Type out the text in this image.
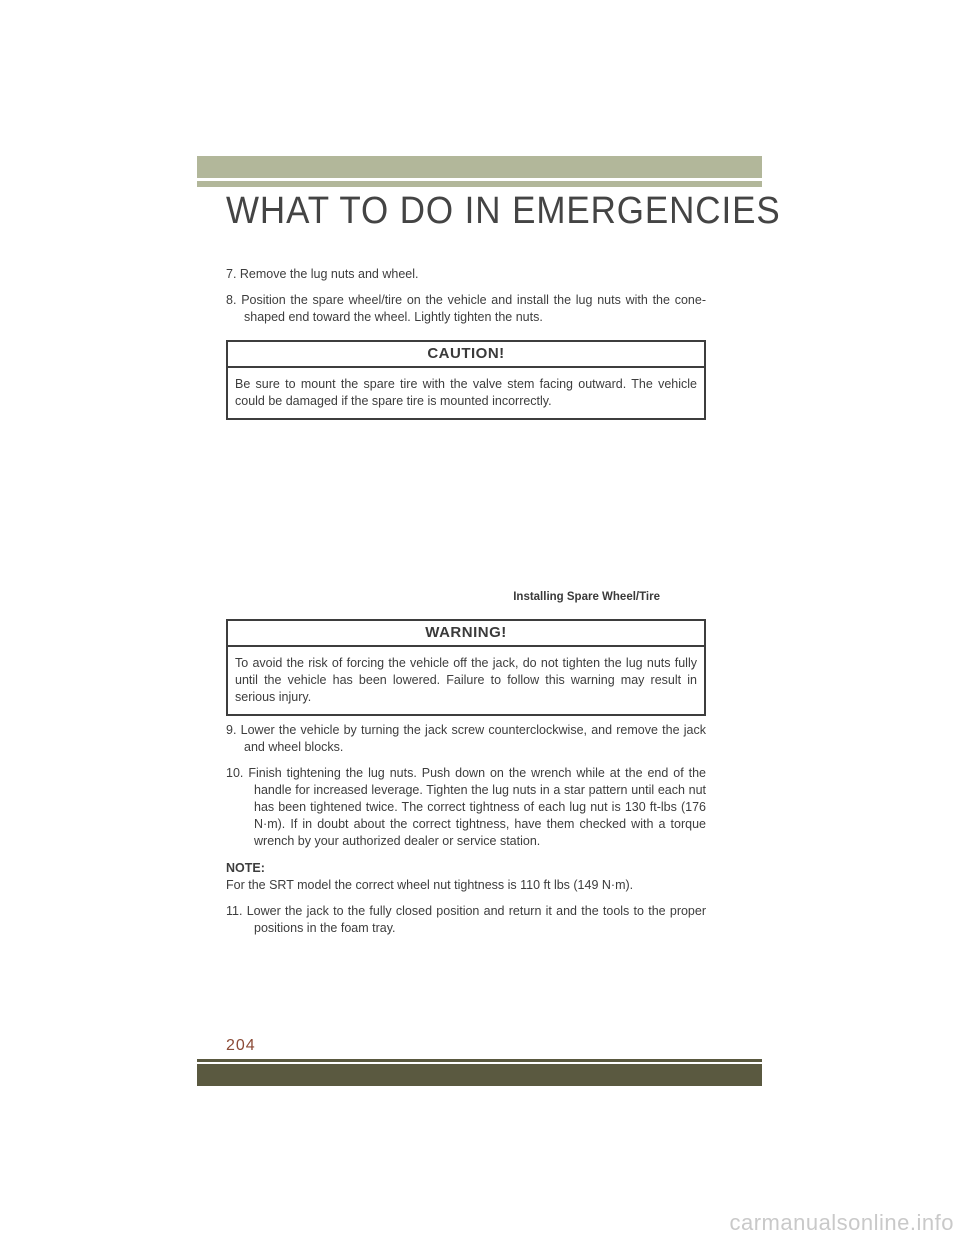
WHAT TO DO IN EMERGENCIES

7. Remove the lug nuts and wheel.

8. Position the spare wheel/tire on the vehicle and install the lug nuts with the cone-shaped end toward the wheel. Lightly tighten the nuts.

CAUTION!
Be sure to mount the spare tire with the valve stem facing outward. The vehicle could be damaged if the spare tire is mounted incorrectly.
Installing Spare Wheel/Tire
WARNING!
To avoid the risk of forcing the vehicle off the jack, do not tighten the lug nuts fully until the vehicle has been lowered. Failure to follow this warning may result in serious injury.

9. Lower the vehicle by turning the jack screw counterclockwise, and remove the jack and wheel blocks.

10. Finish tightening the lug nuts. Push down on the wrench while at the end of the handle for increased leverage. Tighten the lug nuts in a star pattern until each nut has been tightened twice. The correct tightness of each lug nut is 130 ft-lbs (176 N·m). If in doubt about the correct tightness, have them checked with a torque wrench by your authorized dealer or service station.

NOTE:
For the SRT model the correct wheel nut tightness is 110 ft lbs (149 N·m).

11. Lower the jack to the fully closed position and return it and the tools to the proper positions in the foam tray.

204
carmanualsonline.info
